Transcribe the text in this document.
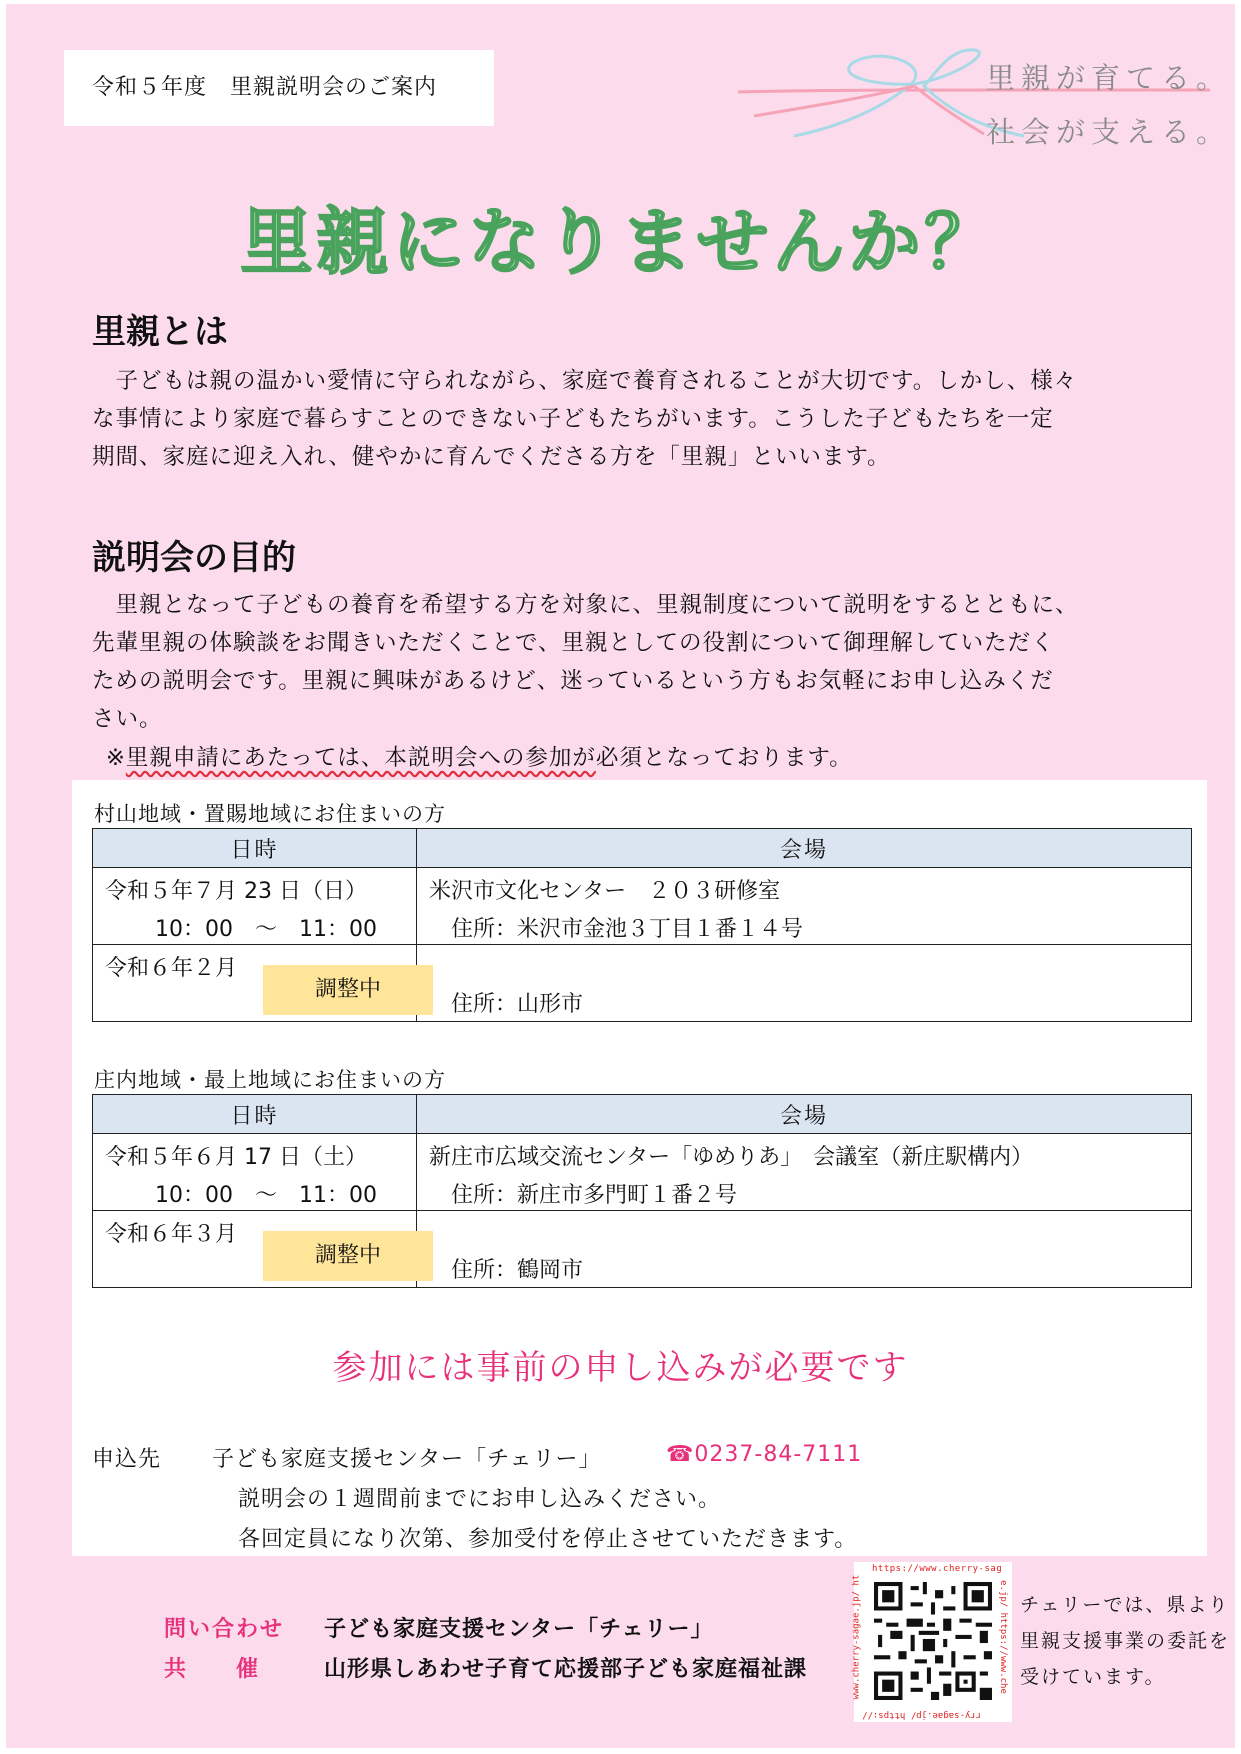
令和５年度　里親説明会のご案内	里親が育てる。
社会が支える。
里親になりませんか？
里親とは
　子どもは親の温かい愛情に守られながら、家庭で養育されることが大切です。しかし、様々
な事情により家庭で暮らすことのできない子どもたちがいます。こうした子どもたちを一定
期間、家庭に迎え入れ、健やかに育んでくださる方を「里親」といいます。
説明会の目的
　里親となって子どもの養育を希望する方を対象に、里親制度について説明をするとともに、
先輩里親の体験談をお聞きいただくことで、里親としての役割について御理解していただく
ための説明会です。里親に興味があるけど、迷っているという方もお気軽にお申し込みくだ
さい。
※里親申請にあたっては、本説明会への参加が必須となっております。
村山地域・置賜地域にお住まいの方
日時	会場

令和５年７月 23 日（日）
10：00　～　11：00	米沢市文化センター　２０３研修室
住所：米沢市金池３丁目１番１４号

令和６年２月
調整中	住所：山形市
庄内地域・最上地域にお住まいの方
日時	会場

令和５年６月 17 日（土）
10：00　～　11：00	新庄市広域交流センター「ゆめりあ」　会議室（新庄駅構内）
住所：新庄市多門町１番２号

令和６年３月
調整中	住所：鶴岡市
参加には事前の申し込みが必要です
申込先 子ども家庭支援センター「チェリー」	☎0237-84-7111
説明会の１週間前までにお申し込みください。
各回定員になり次第、参加受付を停止させていただきます。
問い合わせ 子ども家庭支援センター「チェリー」
共　　催	山形県しあわせ子育て応援部子ども家庭福祉課
https://www.cherry-sag
www.cherry-sagae.jp/ ht	e.jp/ https://www.che
rry-sagae.jp/ https://
チェリーでは、県より
里親支援事業の委託を
受けています。
